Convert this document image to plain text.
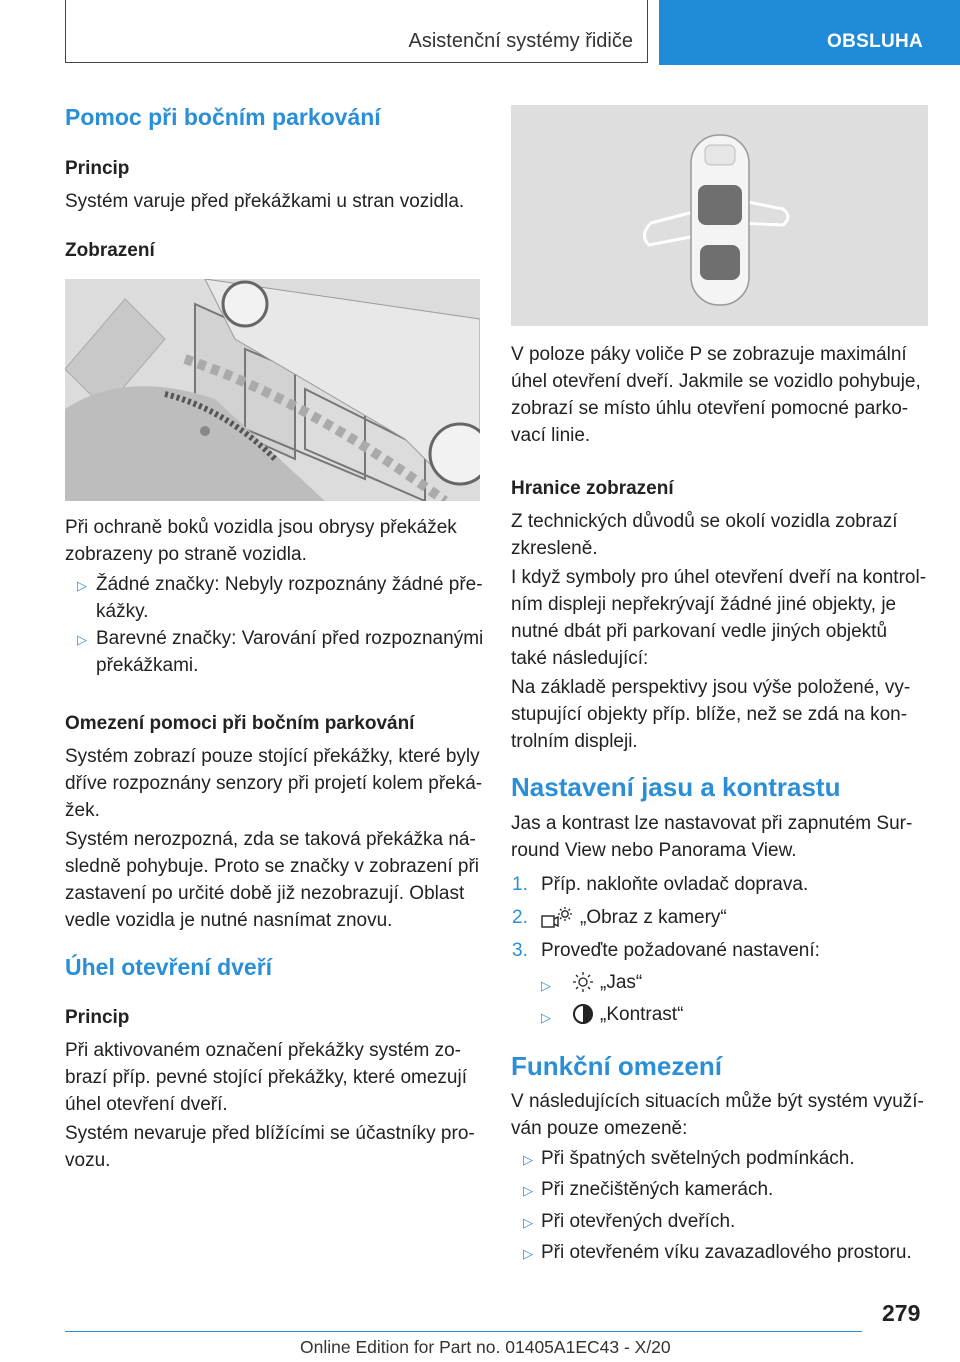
Asistenční systémy řidiče	OBSLUHA
Pomoc při bočním parkování
Princip
Systém varuje před překážkami u stran vozidla.
Zobrazení
Při ochraně boků vozidla jsou obrysy překážek
zobrazeny po straně vozidla.
▷ Žádné značky: Nebyly rozpoznány žádné pře-
kážky.
▷ Barevné značky: Varování před rozpoznanými
překážkami.
Omezení pomoci při bočním parkování
Systém zobrazí pouze stojící překážky, které byly
dříve rozpoznány senzory při projetí kolem překá-
žek.
Systém nerozpozná, zda se taková překážka ná-
sledně pohybuje. Proto se značky v zobrazení při
zastavení po určité době již nezobrazují. Oblast
vedle vozidla je nutné nasnímat znovu.
Úhel otevření dveří
Princip
Při aktivovaném označení překážky systém zo-
brazí příp. pevné stojící překážky, které omezují
úhel otevření dveří.
Systém nevaruje před blížícími se účastníky pro-
vozu.
V poloze páky voliče P se zobrazuje maximální
úhel otevření dveří. Jakmile se vozidlo pohybuje,
zobrazí se místo úhlu otevření pomocné parko-
vací linie.
Hranice zobrazení
Z technických důvodů se okolí vozidla zobrazí
zkresleně.
I když symboly pro úhel otevření dveří na kontrol-
ním displeji nepřekrývají žádné jiné objekty, je
nutné dbát při parkovaní vedle jiných objektů
také následující:
Na základě perspektivy jsou výše položené, vy-
stupující objekty příp. blíže, než se zdá na kon-
trolním displeji.
Nastavení jasu a kontrastu
Jas a kontrast lze nastavovat při zapnutém Sur-
round View nebo Panorama View.
1. Příp. nakloňte ovladač doprava.
2.	„Obraz z kamery“
3. Proveďte požadované nastavení:
▷	„Jas“
▷	„Kontrast“
Funkční omezení
V následujících situacích může být systém využí-
ván pouze omezeně:
▷ Při špatných světelných podmínkách.
▷ Při znečištěných kamerách.
▷ Při otevřených dveřích.
▷ Při otevřeném víku zavazadlového prostoru.
279
Online Edition for Part no. 01405A1EC43 - X/20
